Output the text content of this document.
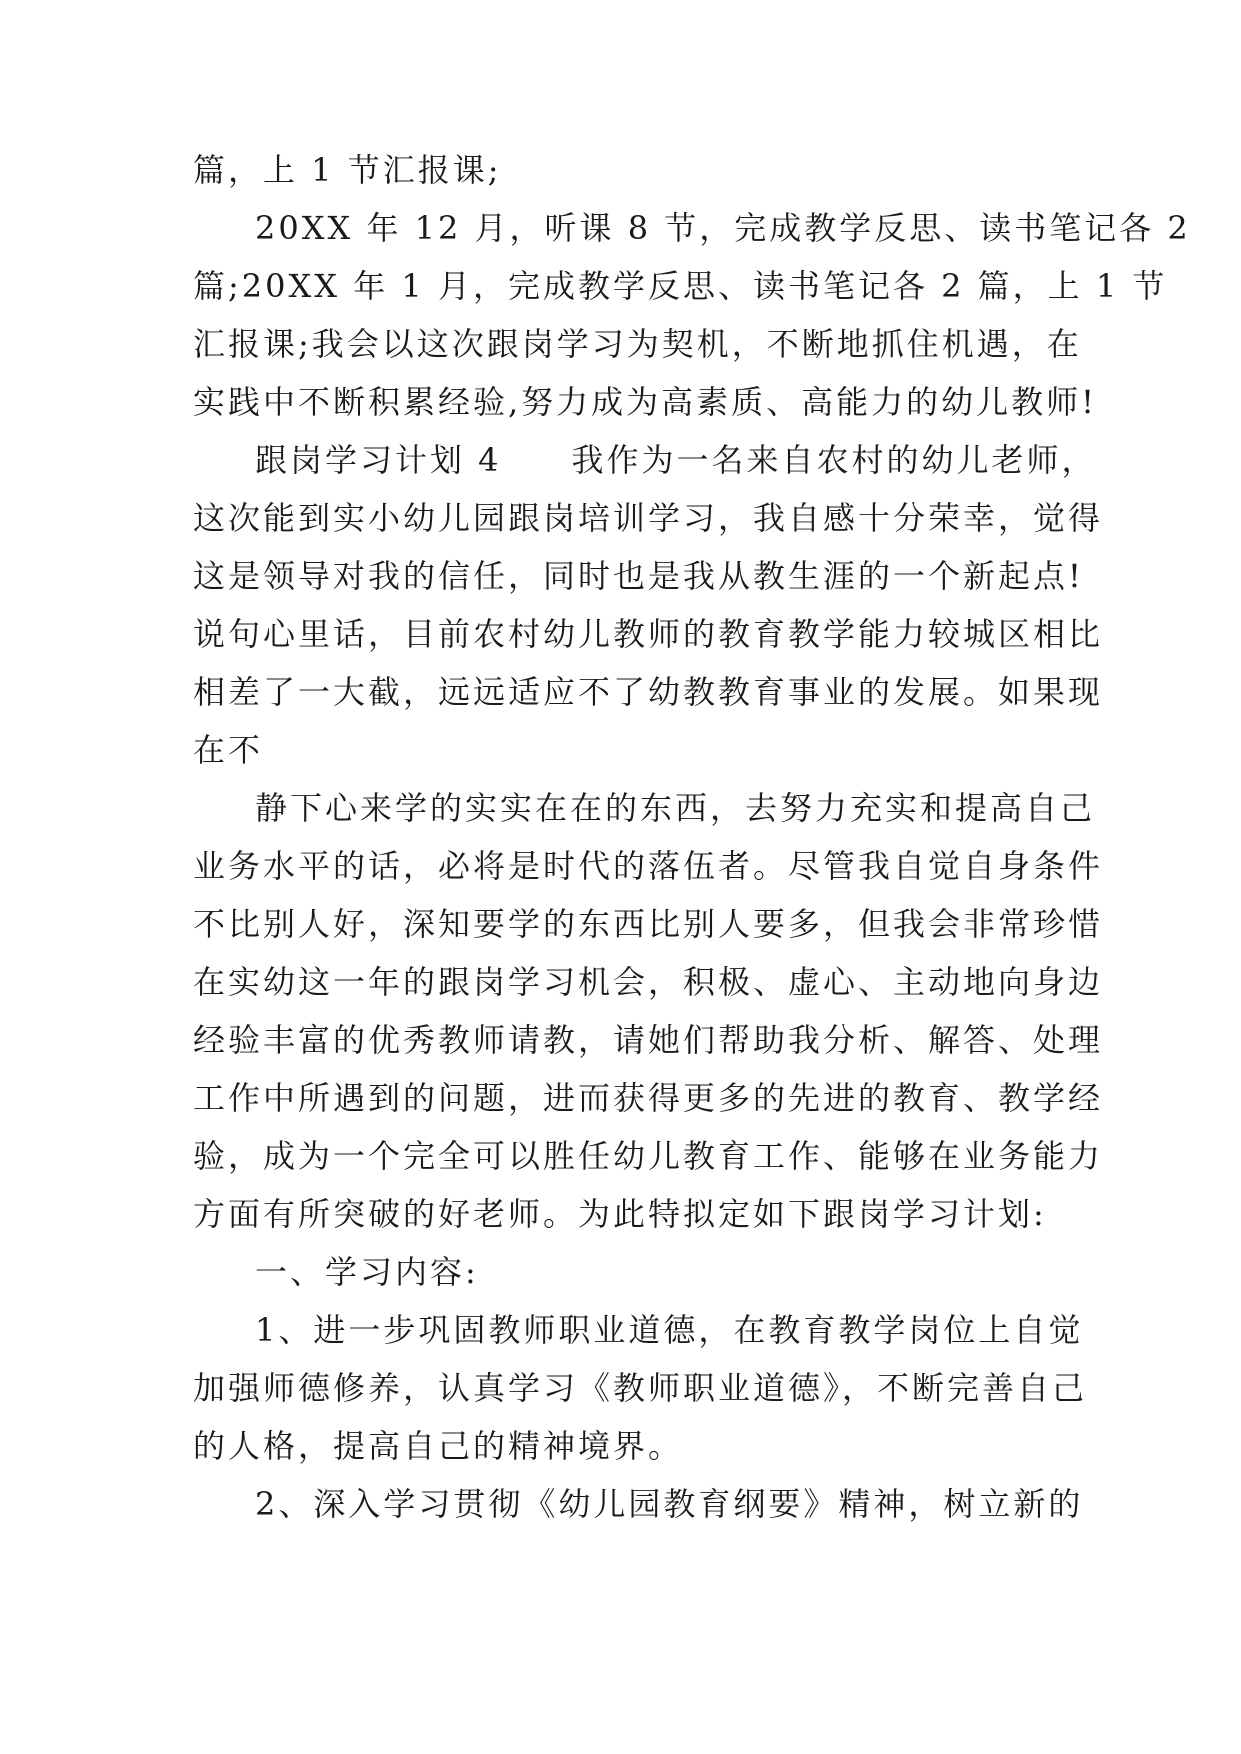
篇，上 1 节汇报课;
20XX 年 12 月，听课 8 节，完成教学反思、读书笔记各 2
篇;20XX 年 1 月，完成教学反思、读书笔记各 2 篇，上 1 节
汇报课;我会以这次跟岗学习为契机，不断地抓住机遇，在
实践中不断积累经验,努力成为高素质、高能力的幼儿教师!
跟岗学习计划 4　　我作为一名来自农村的幼儿老师，
这次能到实小幼儿园跟岗培训学习，我自感十分荣幸，觉得
这是领导对我的信任，同时也是我从教生涯的一个新起点!
说句心里话，目前农村幼儿教师的教育教学能力较城区相比
相差了一大截，远远适应不了幼教教育事业的发展。如果现
在不
静下心来学的实实在在的东西，去努力充实和提高自己
业务水平的话，必将是时代的落伍者。尽管我自觉自身条件
不比别人好，深知要学的东西比别人要多，但我会非常珍惜
在实幼这一年的跟岗学习机会，积极、虚心、主动地向身边
经验丰富的优秀教师请教，请她们帮助我分析、解答、处理
工作中所遇到的问题，进而获得更多的先进的教育、教学经
验，成为一个完全可以胜任幼儿教育工作、能够在业务能力
方面有所突破的好老师。为此特拟定如下跟岗学习计划:
一、学习内容:
1、进一步巩固教师职业道德，在教育教学岗位上自觉
加强师德修养，认真学习《教师职业道德》，不断完善自己
的人格，提高自己的精神境界。
2、深入学习贯彻《幼儿园教育纲要》精神，树立新的
